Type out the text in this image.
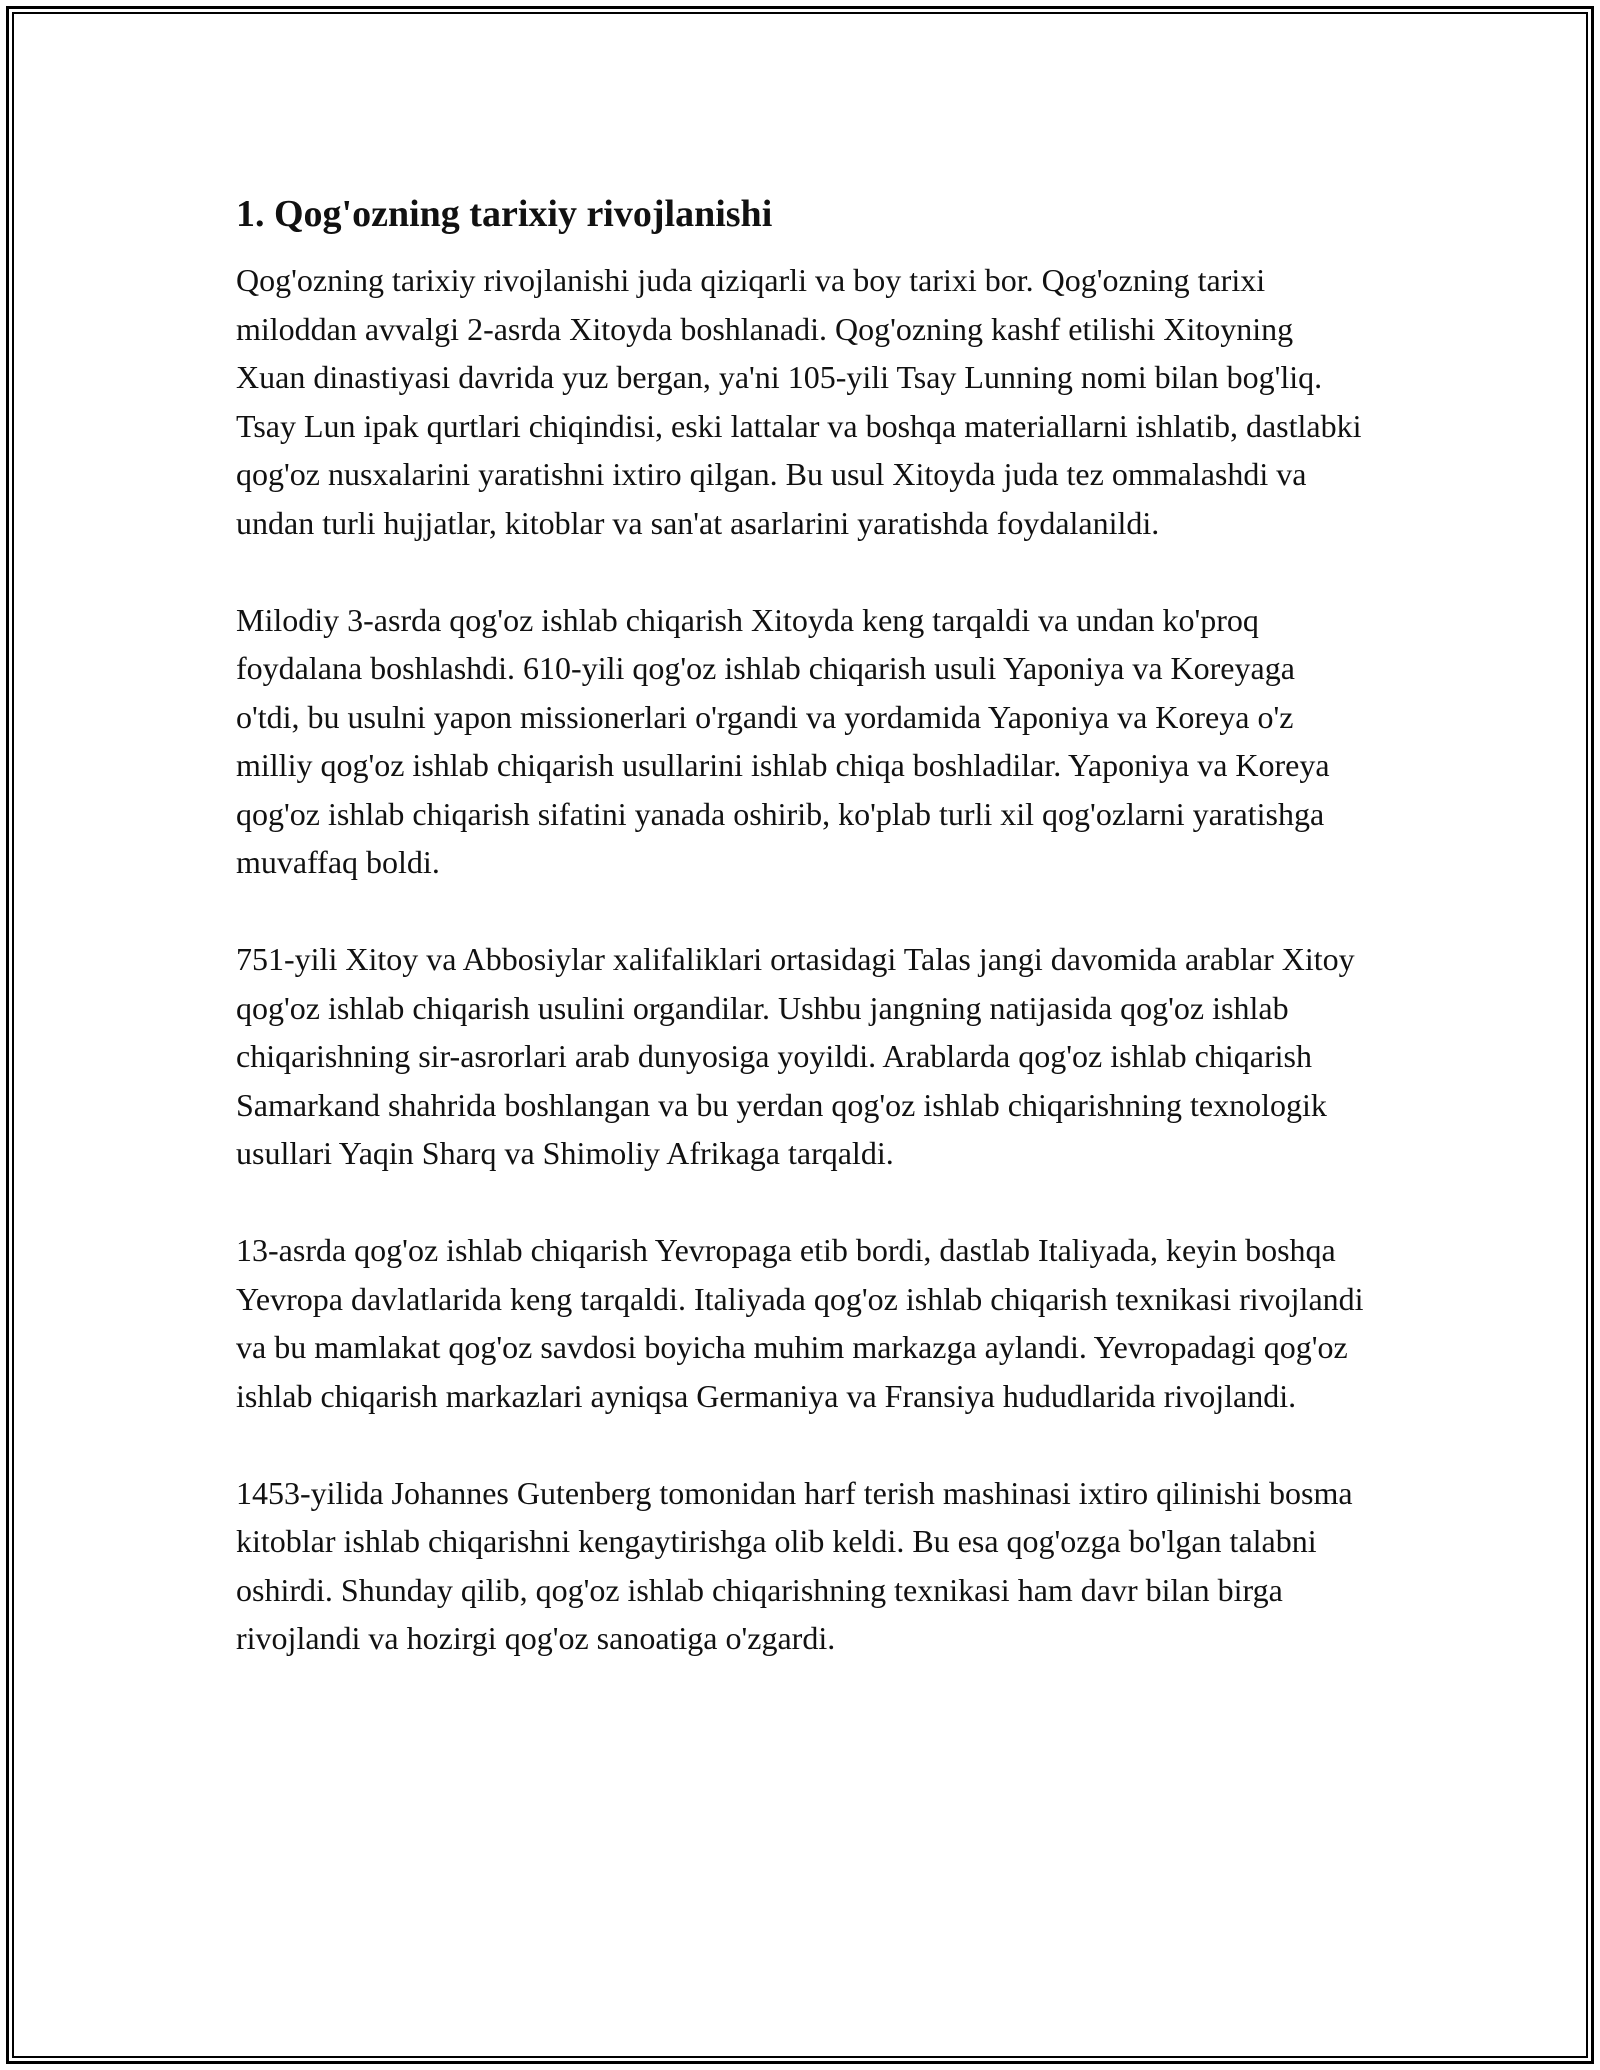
1. Qog'ozning tarixiy rivojlanishi

Qog'ozning tarixiy rivojlanishi juda qiziqarli va boy tarixi bor. Qog'ozning tarixi miloddan avvalgi 2-asrda Xitoyda boshlanadi. Qog'ozning kashf etilishi Xitoyning Xuan dinastiyasi davrida yuz bergan, ya'ni 105-yili Tsay Lunning nomi bilan bog'liq. Tsay Lun ipak qurtlari chiqindisi, eski lattalar va boshqa materiallarni ishlatib, dastlabki qog'oz nusxalarini yaratishni ixtiro qilgan. Bu usul Xitoyda juda tez ommalashdi va undan turli hujjatlar, kitoblar va san'at asarlarini yaratishda foydalanildi.

Milodiy 3-asrda qog'oz ishlab chiqarish Xitoyda keng tarqaldi va undan ko'proq foydalana boshlashdi. 610-yili qog'oz ishlab chiqarish usuli Yaponiya va Koreyaga o'tdi, bu usulni yapon missionerlari o'rgandi va yordamida Yaponiya va Koreya o'z milliy qog'oz ishlab chiqarish usullarini ishlab chiqa boshladilar. Yaponiya va Koreya qog'oz ishlab chiqarish sifatini yanada oshirib, ko'plab turli xil qog'ozlarni yaratishga muvaffaq boldi.

751-yili Xitoy va Abbosiylar xalifaliklari ortasidagi Talas jangi davomida arablar Xitoy qog'oz ishlab chiqarish usulini organdilar. Ushbu jangning natijasida qog'oz ishlab chiqarishning sir-asrorlari arab dunyosiga yoyildi. Arablarda qog'oz ishlab chiqarish Samarkand shahrida boshlangan va bu yerdan qog'oz ishlab chiqarishning texnologik usullari Yaqin Sharq va Shimoliy Afrikaga tarqaldi.

13-asrda qog'oz ishlab chiqarish Yevropaga etib bordi, dastlab Italiyada, keyin boshqa Yevropa davlatlarida keng tarqaldi. Italiyada qog'oz ishlab chiqarish texnikasi rivojlandi va bu mamlakat qog'oz savdosi boyicha muhim markazga aylandi. Yevropadagi qog'oz ishlab chiqarish markazlari ayniqsa Germaniya va Fransiya hududlarida rivojlandi.

1453-yilida Johannes Gutenberg tomonidan harf terish mashinasi ixtiro qilinishi bosma kitoblar ishlab chiqarishni kengaytirishga olib keldi. Bu esa qog'ozga bo'lgan talabni oshirdi. Shunday qilib, qog'oz ishlab chiqarishning texnikasi ham davr bilan birga rivojlandi va hozirgi qog'oz sanoatiga o'zgardi.
